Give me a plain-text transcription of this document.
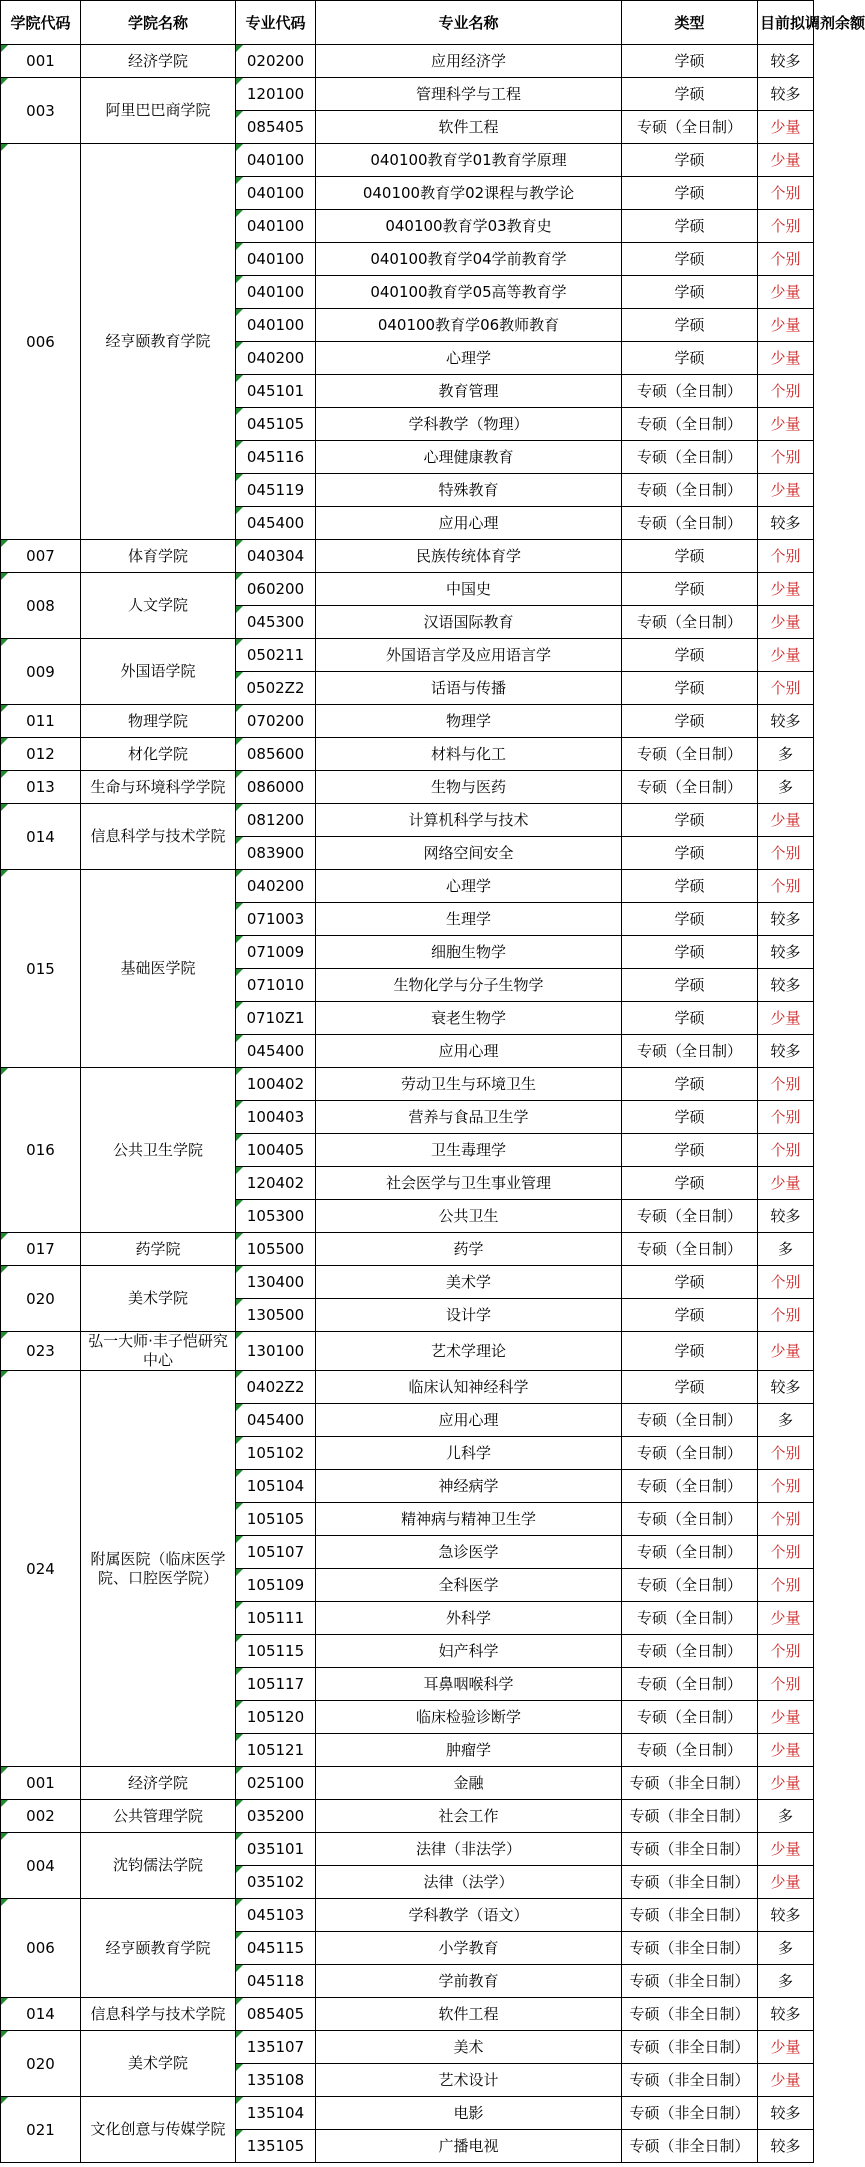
学院代码	学院名称	专业代码	专业名称	类型	目前拟调剂余额
001	经济学院	020200	应用经济学	学硕	较多
003	阿里巴巴商学院	120100	管理科学与工程	学硕	较多
		085405	软件工程	专硕（全日制）	少量
006	经亨颐教育学院	040100	040100教育学01教育学原理	学硕	少量
		040100	040100教育学02课程与教学论	学硕	个别
		040100	040100教育学03教育史	学硕	个别
		040100	040100教育学04学前教育学	学硕	个别
		040100	040100教育学05高等教育学	学硕	少量
		040100	040100教育学06教师教育	学硕	少量
		040200	心理学	学硕	少量
		045101	教育管理	专硕（全日制）	个别
		045105	学科教学（物理）	专硕（全日制）	少量
		045116	心理健康教育	专硕（全日制）	个别
		045119	特殊教育	专硕（全日制）	少量
		045400	应用心理	专硕（全日制）	较多
007	体育学院	040304	民族传统体育学	学硕	个别
008	人文学院	060200	中国史	学硕	少量
		045300	汉语国际教育	专硕（全日制）	少量
009	外国语学院	050211	外国语言学及应用语言学	学硕	少量
		0502Z2	话语与传播	学硕	个别
011	物理学院	070200	物理学	学硕	较多
012	材化学院	085600	材料与化工	专硕（全日制）	多
013	生命与环境科学学院	086000	生物与医药	专硕（全日制）	多
014	信息科学与技术学院	081200	计算机科学与技术	学硕	少量
		083900	网络空间安全	学硕	个别
015	基础医学院	040200	心理学	学硕	个别
		071003	生理学	学硕	较多
		071009	细胞生物学	学硕	较多
		071010	生物化学与分子生物学	学硕	较多
		0710Z1	衰老生物学	学硕	少量
		045400	应用心理	专硕（全日制）	较多
016	公共卫生学院	100402	劳动卫生与环境卫生	学硕	个别
		100403	营养与食品卫生学	学硕	个别
		100405	卫生毒理学	学硕	个别
		120402	社会医学与卫生事业管理	学硕	少量
		105300	公共卫生	专硕（全日制）	较多
017	药学院	105500	药学	专硕（全日制）	多
020	美术学院	130400	美术学	学硕	个别
		130500	设计学	学硕	个别
023	弘一大师·丰子恺研究中心	130100	艺术学理论	学硕	少量
024	附属医院（临床医学院、口腔医学院）	0402Z2	临床认知神经科学	学硕	较多
		045400	应用心理	专硕（全日制）	多
		105102	儿科学	专硕（全日制）	个别
		105104	神经病学	专硕（全日制）	个别
		105105	精神病与精神卫生学	专硕（全日制）	个别
		105107	急诊医学	专硕（全日制）	个别
		105109	全科医学	专硕（全日制）	个别
		105111	外科学	专硕（全日制）	少量
		105115	妇产科学	专硕（全日制）	个别
		105117	耳鼻咽喉科学	专硕（全日制）	个别
		105120	临床检验诊断学	专硕（全日制）	少量
		105121	肿瘤学	专硕（全日制）	少量
001	经济学院	025100	金融	专硕（非全日制）	少量
002	公共管理学院	035200	社会工作	专硕（非全日制）	多
004	沈钧儒法学院	035101	法律（非法学）	专硕（非全日制）	少量
		035102	法律（法学）	专硕（非全日制）	少量
006	经亨颐教育学院	045103	学科教学（语文）	专硕（非全日制）	较多
		045115	小学教育	专硕（非全日制）	多
		045118	学前教育	专硕（非全日制）	多
014	信息科学与技术学院	085405	软件工程	专硕（非全日制）	较多
020	美术学院	135107	美术	专硕（非全日制）	少量
		135108	艺术设计	专硕（非全日制）	少量
021	文化创意与传媒学院	135104	电影	专硕（非全日制）	较多
		135105	广播电视	专硕（非全日制）	较多
